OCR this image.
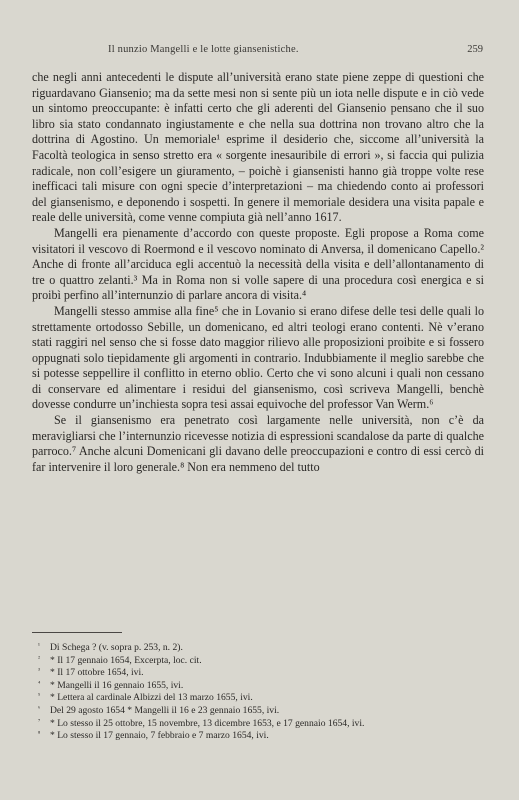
Il nunzio Mangelli e le lotte giansenistiche.	259

che negli anni antecedenti le dispute all’università erano state piene zeppe di questioni che riguardavano Giansenio; ma da sette mesi non si sente più un iota nelle dispute e in ciò vede un sintomo preoccupante: è infatti certo che gli aderenti del Giansenio pensano che il suo libro sia stato condannato ingiustamente e che nella sua dottrina non trovano altro che la dottrina di Agostino. Un memoriale¹ esprime il desiderio che, siccome all’università la Facoltà teologica in senso stretto era « sorgente inesauribile di errori », si faccia qui pulizia radicale, non coll’esigere un giuramento, – poichè i giansenisti hanno già troppe volte rese inefficaci tali misure con ogni specie d’interpretazioni – ma chiedendo conto ai professori del giansenismo, e deponendo i sospetti. In genere il memoriale desidera una visita papale e reale delle università, come venne compiuta già nell’anno 1617.

Mangelli era pienamente d’accordo con queste proposte. Egli propose a Roma come visitatori il vescovo di Roermond e il vescovo nominato di Anversa, il domenicano Capello.² Anche di fronte all’arciduca egli accentuò la necessità della visita e dell’allontanamento di tre o quattro zelanti.³ Ma in Roma non si volle sapere di una procedura così energica e si proibì perfino all’internunzio di parlare ancora di visita.⁴

Mangelli stesso ammise alla fine⁵ che in Lovanio si erano difese delle tesi delle quali lo strettamente ortodosso Sebille, un domenicano, ed altri teologi erano contenti. Nè v’erano stati raggiri nel senso che si fosse dato maggior rilievo alle proposizioni proibite e si fossero oppugnati solo tiepidamente gli argomenti in contrario. Indubbiamente il meglio sarebbe che si potesse seppellire il conflitto in eterno oblio. Certo che vi sono alcuni i quali non cessano di conservare ed alimentare i residui del giansenismo, così scriveva Mangelli, benchè dovesse condurre un’inchiesta sopra tesi assai equivoche del professor Van Werm.⁶

Se il giansenismo era penetrato così largamente nelle università, non c’è da meravigliarsi che l’internunzio ricevesse notizia di espressioni scandalose da parte di qualche parroco.⁷ Anche alcuni Domenicani gli davano delle preoccupazioni e contro di essi cercò di far intervenire il loro generale.⁸ Non era nemmeno del tutto

¹ Di Schega ? (v. sopra p. 253, n. 2).
² * Il 17 gennaio 1654, Excerpta, loc. cit.
³ * Il 17 ottobre 1654, ivi.
⁴ * Mangelli il 16 gennaio 1655, ivi.
⁵ * Lettera al cardinale Albizzi del 13 marzo 1655, ivi.
⁶ Del 29 agosto 1654 * Mangelli il 16 e 23 gennaio 1655, ivi.
⁷ * Lo stesso il 25 ottobre, 15 novembre, 13 dicembre 1653, e 17 gennaio 1654, ivi.
⁸ * Lo stesso il 17 gennaio, 7 febbraio e 7 marzo 1654, ivi.
